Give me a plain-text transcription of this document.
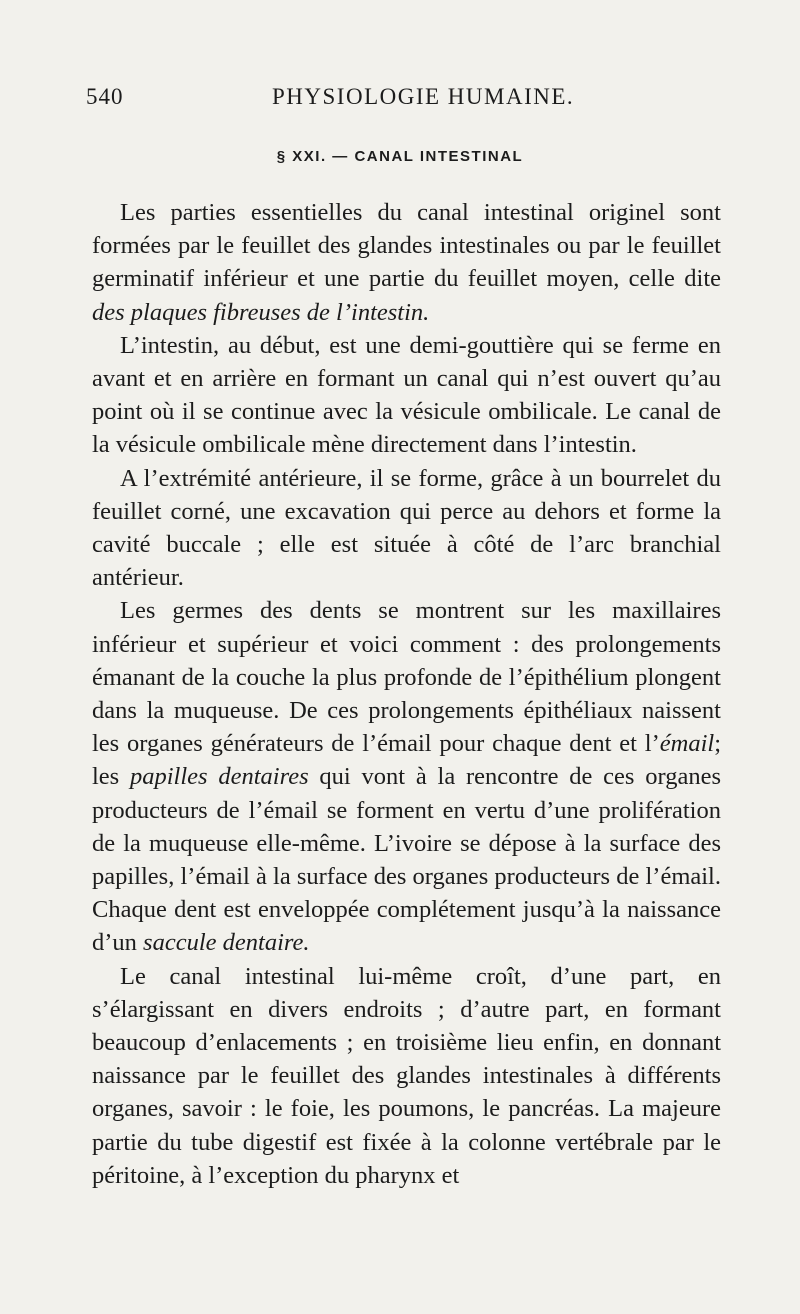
540	PHYSIOLOGIE HUMAINE.
§ XXI. — CANAL INTESTINAL

Les parties essentielles du canal intestinal originel sont formées par le feuillet des glandes intestinales ou par le feuillet germinatif inférieur et une partie du feuillet moyen, celle dite des plaques fibreuses de l’intestin.

L’intestin, au début, est une demi-gouttière qui se ferme en avant et en arrière en formant un canal qui n’est ouvert qu’au point où il se continue avec la vésicule ombilicale. Le canal de la vésicule ombilicale mène directement dans l’intestin.

A l’extrémité antérieure, il se forme, grâce à un bourrelet du feuillet corné, une excavation qui perce au dehors et forme la cavité buccale ; elle est située à côté de l’arc branchial antérieur.

Les germes des dents se montrent sur les maxillaires inférieur et supérieur et voici comment : des prolongements émanant de la couche la plus profonde de l’épithélium plongent dans la muqueuse. De ces prolongements épithéliaux naissent les organes générateurs de l’émail pour chaque dent et l’émail; les papilles dentaires qui vont à la rencontre de ces organes producteurs de l’émail se forment en vertu d’une prolifération de la muqueuse elle-même. L’ivoire se dépose à la surface des papilles, l’émail à la surface des organes producteurs de l’émail. Chaque dent est enveloppée complétement jusqu’à la naissance d’un saccule dentaire.

Le canal intestinal lui-même croît, d’une part, en s’élargissant en divers endroits ; d’autre part, en formant beaucoup d’enlacements ; en troisième lieu enfin, en donnant naissance par le feuillet des glandes intestinales à différents organes, savoir : le foie, les poumons, le pancréas. La majeure partie du tube digestif est fixée à la colonne vertébrale par le péritoine, à l’exception du pharynx et
